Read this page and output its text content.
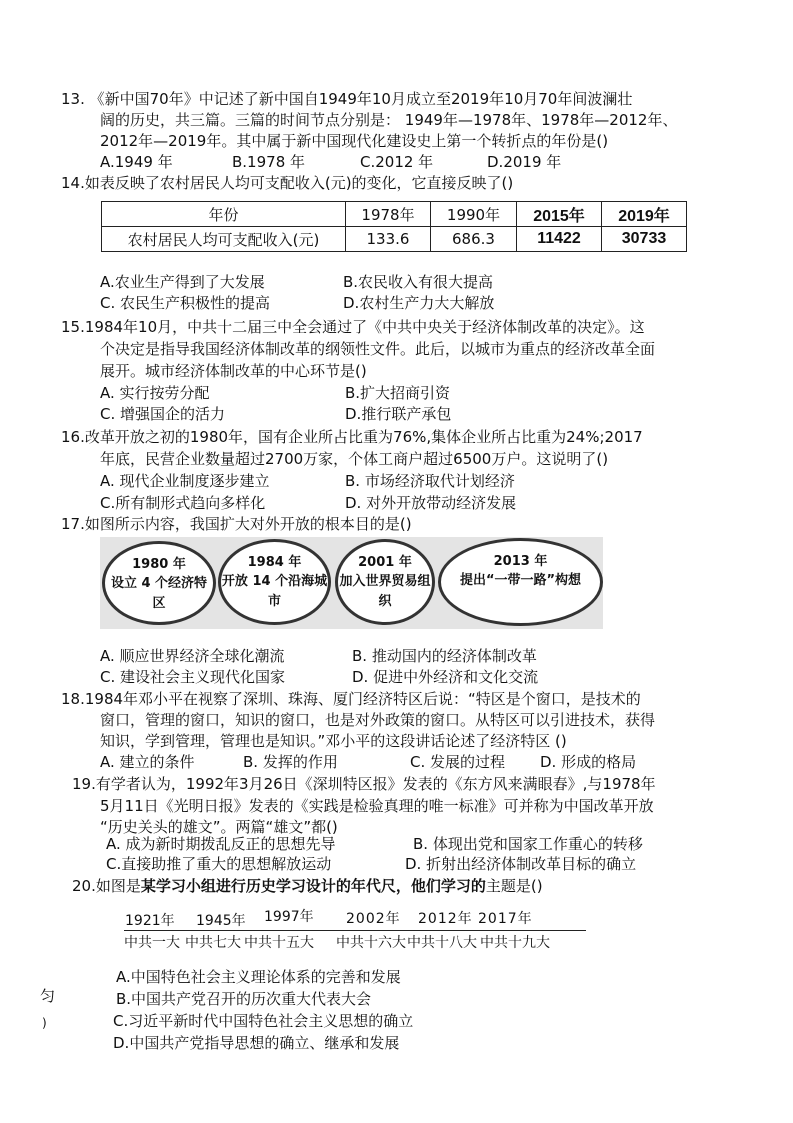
13. 《新中国70年》中记述了新中国自1949年10月成立至2019年10月70年间波澜壮
阔的历史，共三篇。三篇的时间节点分别是： 1949年—1978年、1978年—2012年、
2012年—2019年。其中属于新中国现代化建设史上第一个转折点的年份是()
A.1949 年	B.1978 年	C.2012 年	D.2019 年
14.如表反映了农村居民人均可支配收入(元)的变化，它直接反映了()
年份	1978年	1990年	2015年	2019年
农村居民人均可支配收入(元)	133.6	686.3	11422	30733
A.农业生产得到了大发展	B.农民收入有很大提高
C. 农民生产积极性的提高	D.农村生产力大大解放
15.1984年10月，中共十二届三中全会通过了《中共中央关于经济体制改革的决定》。这
个决定是指导我国经济体制改革的纲领性文件。此后，以城市为重点的经济改革全面
展开。城市经济体制改革的中心环节是()
A. 实行按劳分配	B.扩大招商引资
C. 增强国企的活力	D.推行联产承包
16.改革开放之初的1980年，国有企业所占比重为76%,集体企业所占比重为24%;2017
年底，民营企业数量超过2700万家，个体工商户超过6500万户。这说明了()
A. 现代企业制度逐步建立	B. 市场经济取代计划经济
C.所有制形式趋向多样化	D. 对外开放带动经济发展
17.如图所示内容，我国扩大对外开放的根本目的是()
1980 年
设立 4 个经济特区
1984 年
开放 14 个沿海城市
2001 年
加入世界贸易组织
2013 年
提出“一带一路”构想
A. 顺应世界经济全球化潮流	B. 推动国内的经济体制改革
C. 建设社会主义现代化国家	D. 促进中外经济和文化交流
18.1984年邓小平在视察了深圳、珠海、厦门经济特区后说：“特区是个窗口，是技术的
窗口，管理的窗口，知识的窗口，也是对外政策的窗口。从特区可以引进技术，获得
知识，学到管理，管理也是知识。”邓小平的这段讲话论述了经济特区 ()
A. 建立的条件	B. 发挥的作用	C. 发展的过程 D. 形成的格局
19.有学者认为，1992年3月26日《深圳特区报》发表的《东方风来满眼春》,与1978年
5月11日《光明日报》发表的《实践是检验真理的唯一标准》可并称为中国改革开放
“历史关头的雄文”。两篇“雄文”都()
A. 成为新时期拨乱反正的思想先导	B. 体现出党和国家工作重心的转移
C.直接助推了重大的思想解放运动	D. 折射出经济体制改革目标的确立
20.如图是某学习小组进行历史学习设计的年代尺，他们学习的主题是()
1921年 1945年 1997年 2002年 2012年 2017年
中共一大 中共七大 中共十五大 中共十六大 中共十八大 中共十九大
A.中国特色社会主义理论体系的完善和发展
B.中国共产党召开的历次重大代表大会
C.习近平新时代中国特色社会主义思想的确立
D.中国共产党指导思想的确立、继承和发展
匀
)
